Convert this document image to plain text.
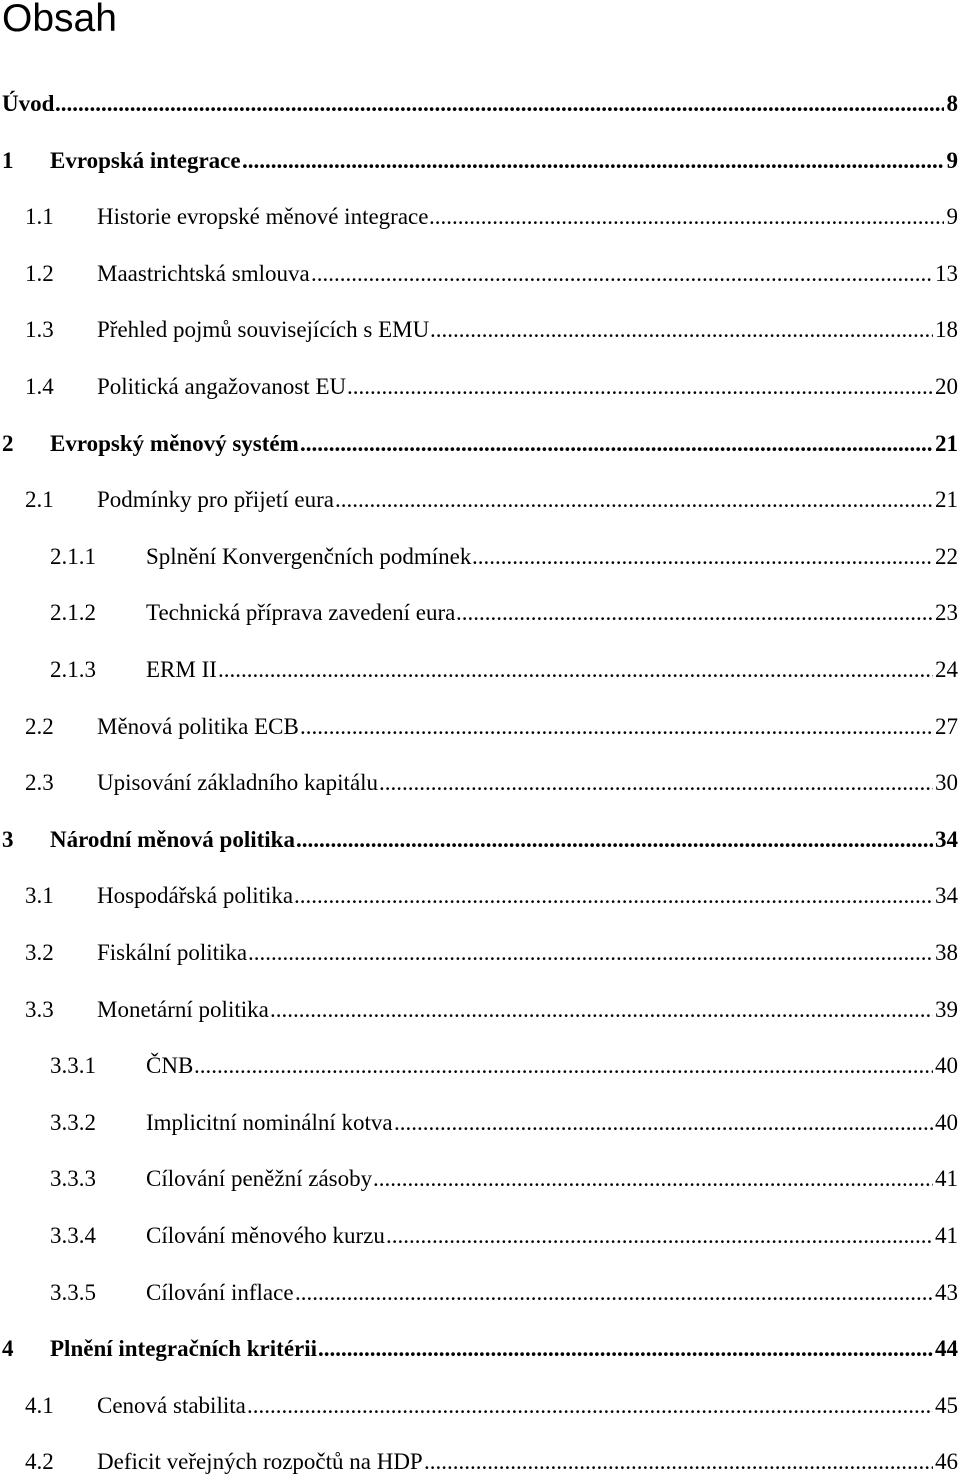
Obsah
Úvod .....	8
1 Evropská integrace .....	9
1.1 Historie evropské měnové integrace .....	9
1.2 Maastrichtská smlouva .....	13
1.3 Přehled pojmů souvisejících s EMU .....	18
1.4 Politická angažovanost EU .....	20
2 Evropský měnový systém .....	21
2.1 Podmínky pro přijetí eura .....	21
2.1.1 Splnění Konvergenčních podmínek .....	22
2.1.2 Technická příprava zavedení eura .....	23
2.1.3 ERM II .....	24
2.2 Měnová politika ECB .....	27
2.3 Upisování základního kapitálu .....	30
3 Národní měnová politika .....	34
3.1 Hospodářská politika .....	34
3.2 Fiskální politika .....	38
3.3 Monetární politika .....	39
3.3.1 ČNB .....	40
3.3.2 Implicitní nominální kotva .....	40
3.3.3 Cílování peněžní zásoby .....	41
3.3.4 Cílování měnového kurzu .....	41
3.3.5 Cílování inflace .....	43
4 Plnění integračních kritérii .....	44
4.1 Cenová stabilita .....	45
4.2 Deficit veřejných rozpočtů na HDP .....	46
